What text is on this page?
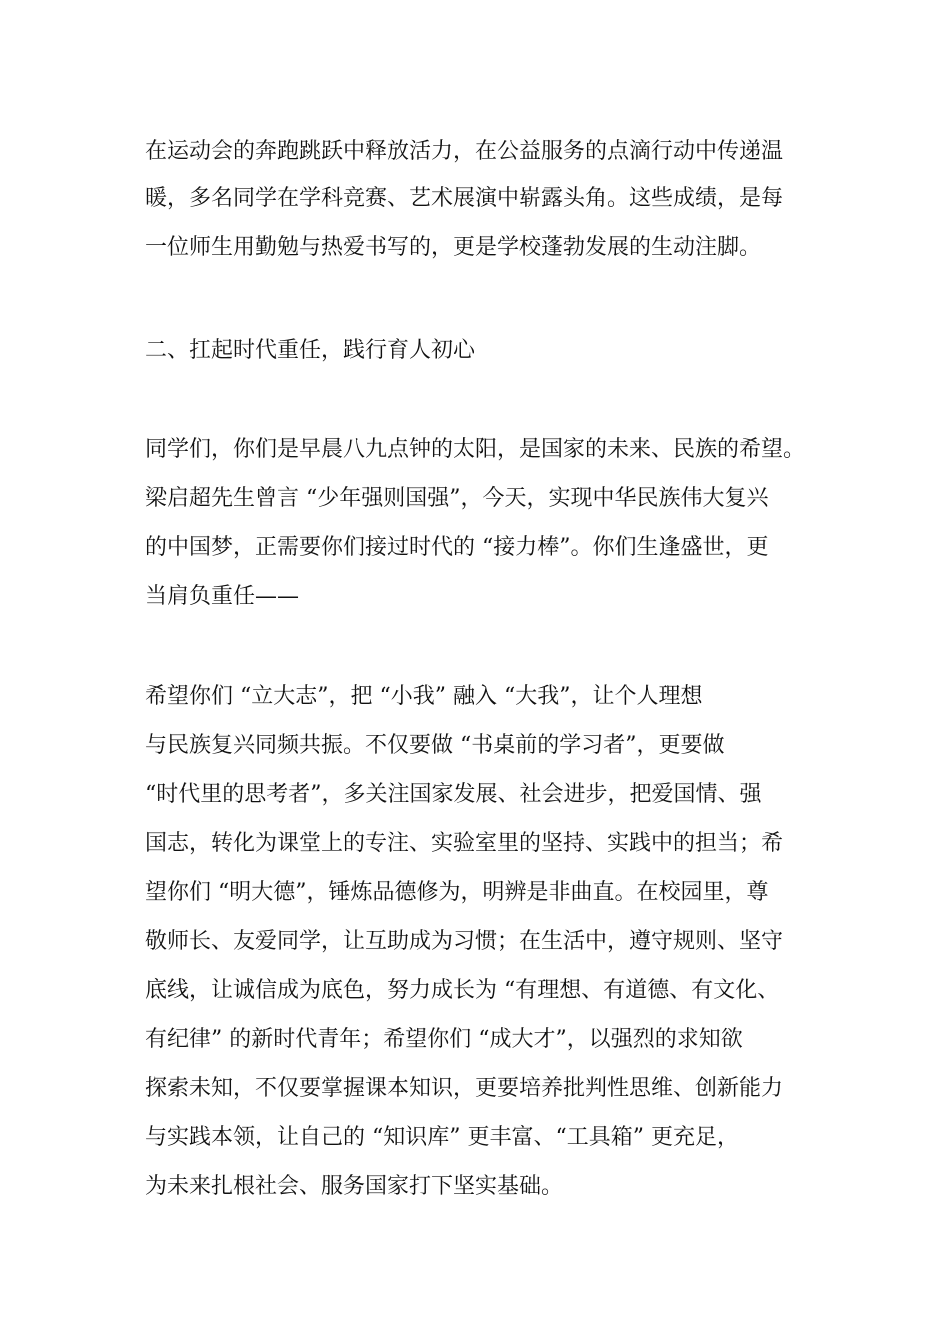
在运动会的奔跑跳跃中释放活力，在公益服务的点滴行动中传递温
暖，多名同学在学科竞赛、艺术展演中崭露头角。这些成绩，是每
一位师生用勤勉与热爱书写的，更是学校蓬勃发展的生动注脚。
二、扛起时代重任，践行育人初心
同学们，你们是早晨八九点钟的太阳，是国家的未来、民族的希望。
梁启超先生曾言 “少年强则国强”，今天，实现中华民族伟大复兴
的中国梦，正需要你们接过时代的 “接力棒”。你们生逢盛世，更
当肩负重任——
希望你们 “立大志”，把 “小我” 融入 “大我”，让个人理想
与民族复兴同频共振。不仅要做 “书桌前的学习者”，更要做
“时代里的思考者”，多关注国家发展、社会进步，把爱国情、强
国志，转化为课堂上的专注、实验室里的坚持、实践中的担当；希
望你们 “明大德”，锤炼品德修为，明辨是非曲直。在校园里，尊
敬师长、友爱同学，让互助成为习惯；在生活中，遵守规则、坚守
底线，让诚信成为底色，努力成长为 “有理想、有道德、有文化、
有纪律” 的新时代青年；希望你们 “成大才”，以强烈的求知欲
探索未知，不仅要掌握课本知识，更要培养批判性思维、创新能力
与实践本领，让自己的 “知识库” 更丰富、“工具箱” 更充足，
为未来扎根社会、服务国家打下坚实基础。
